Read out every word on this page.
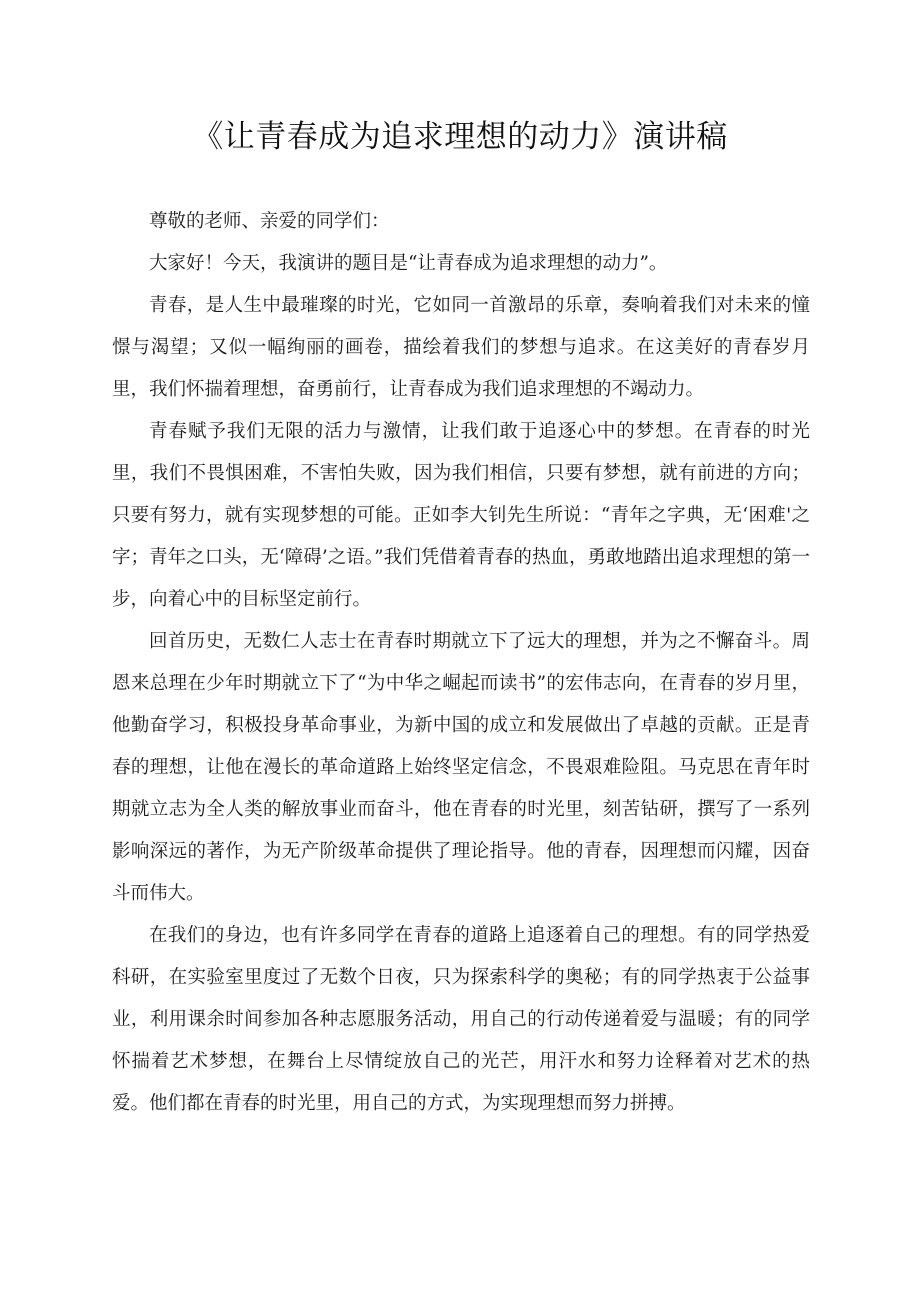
《让青春成为追求理想的动力》演讲稿

尊敬的老师、亲爱的同学们：

大家好！今天，我演讲的题目是“让青春成为追求理想的动力”。

青春，是人生中最璀璨的时光，它如同一首激昂的乐章，奏响着我们对未来的憧憬与渴望；又似一幅绚丽的画卷，描绘着我们的梦想与追求。在这美好的青春岁月里，我们怀揣着理想，奋勇前行，让青春成为我们追求理想的不竭动力。

青春赋予我们无限的活力与激情，让我们敢于追逐心中的梦想。在青春的时光里，我们不畏惧困难，不害怕失败，因为我们相信，只要有梦想，就有前进的方向；只要有努力，就有实现梦想的可能。正如李大钊先生所说：“青年之字典，无‘困难'之字；青年之口头，无‘障碍’之语。”我们凭借着青春的热血，勇敢地踏出追求理想的第一步，向着心中的目标坚定前行。

回首历史，无数仁人志士在青春时期就立下了远大的理想，并为之不懈奋斗。周恩来总理在少年时期就立下了“为中华之崛起而读书”的宏伟志向，在青春的岁月里，他勤奋学习，积极投身革命事业，为新中国的成立和发展做出了卓越的贡献。正是青春的理想，让他在漫长的革命道路上始终坚定信念，不畏艰难险阻。马克思在青年时期就立志为全人类的解放事业而奋斗，他在青春的时光里，刻苦钻研，撰写了一系列影响深远的著作，为无产阶级革命提供了理论指导。他的青春，因理想而闪耀，因奋斗而伟大。

在我们的身边，也有许多同学在青春的道路上追逐着自己的理想。有的同学热爱科研，在实验室里度过了无数个日夜，只为探索科学的奥秘；有的同学热衷于公益事业，利用课余时间参加各种志愿服务活动，用自己的行动传递着爱与温暖；有的同学怀揣着艺术梦想，在舞台上尽情绽放自己的光芒，用汗水和努力诠释着对艺术的热爱。他们都在青春的时光里，用自己的方式，为实现理想而努力拼搏。
